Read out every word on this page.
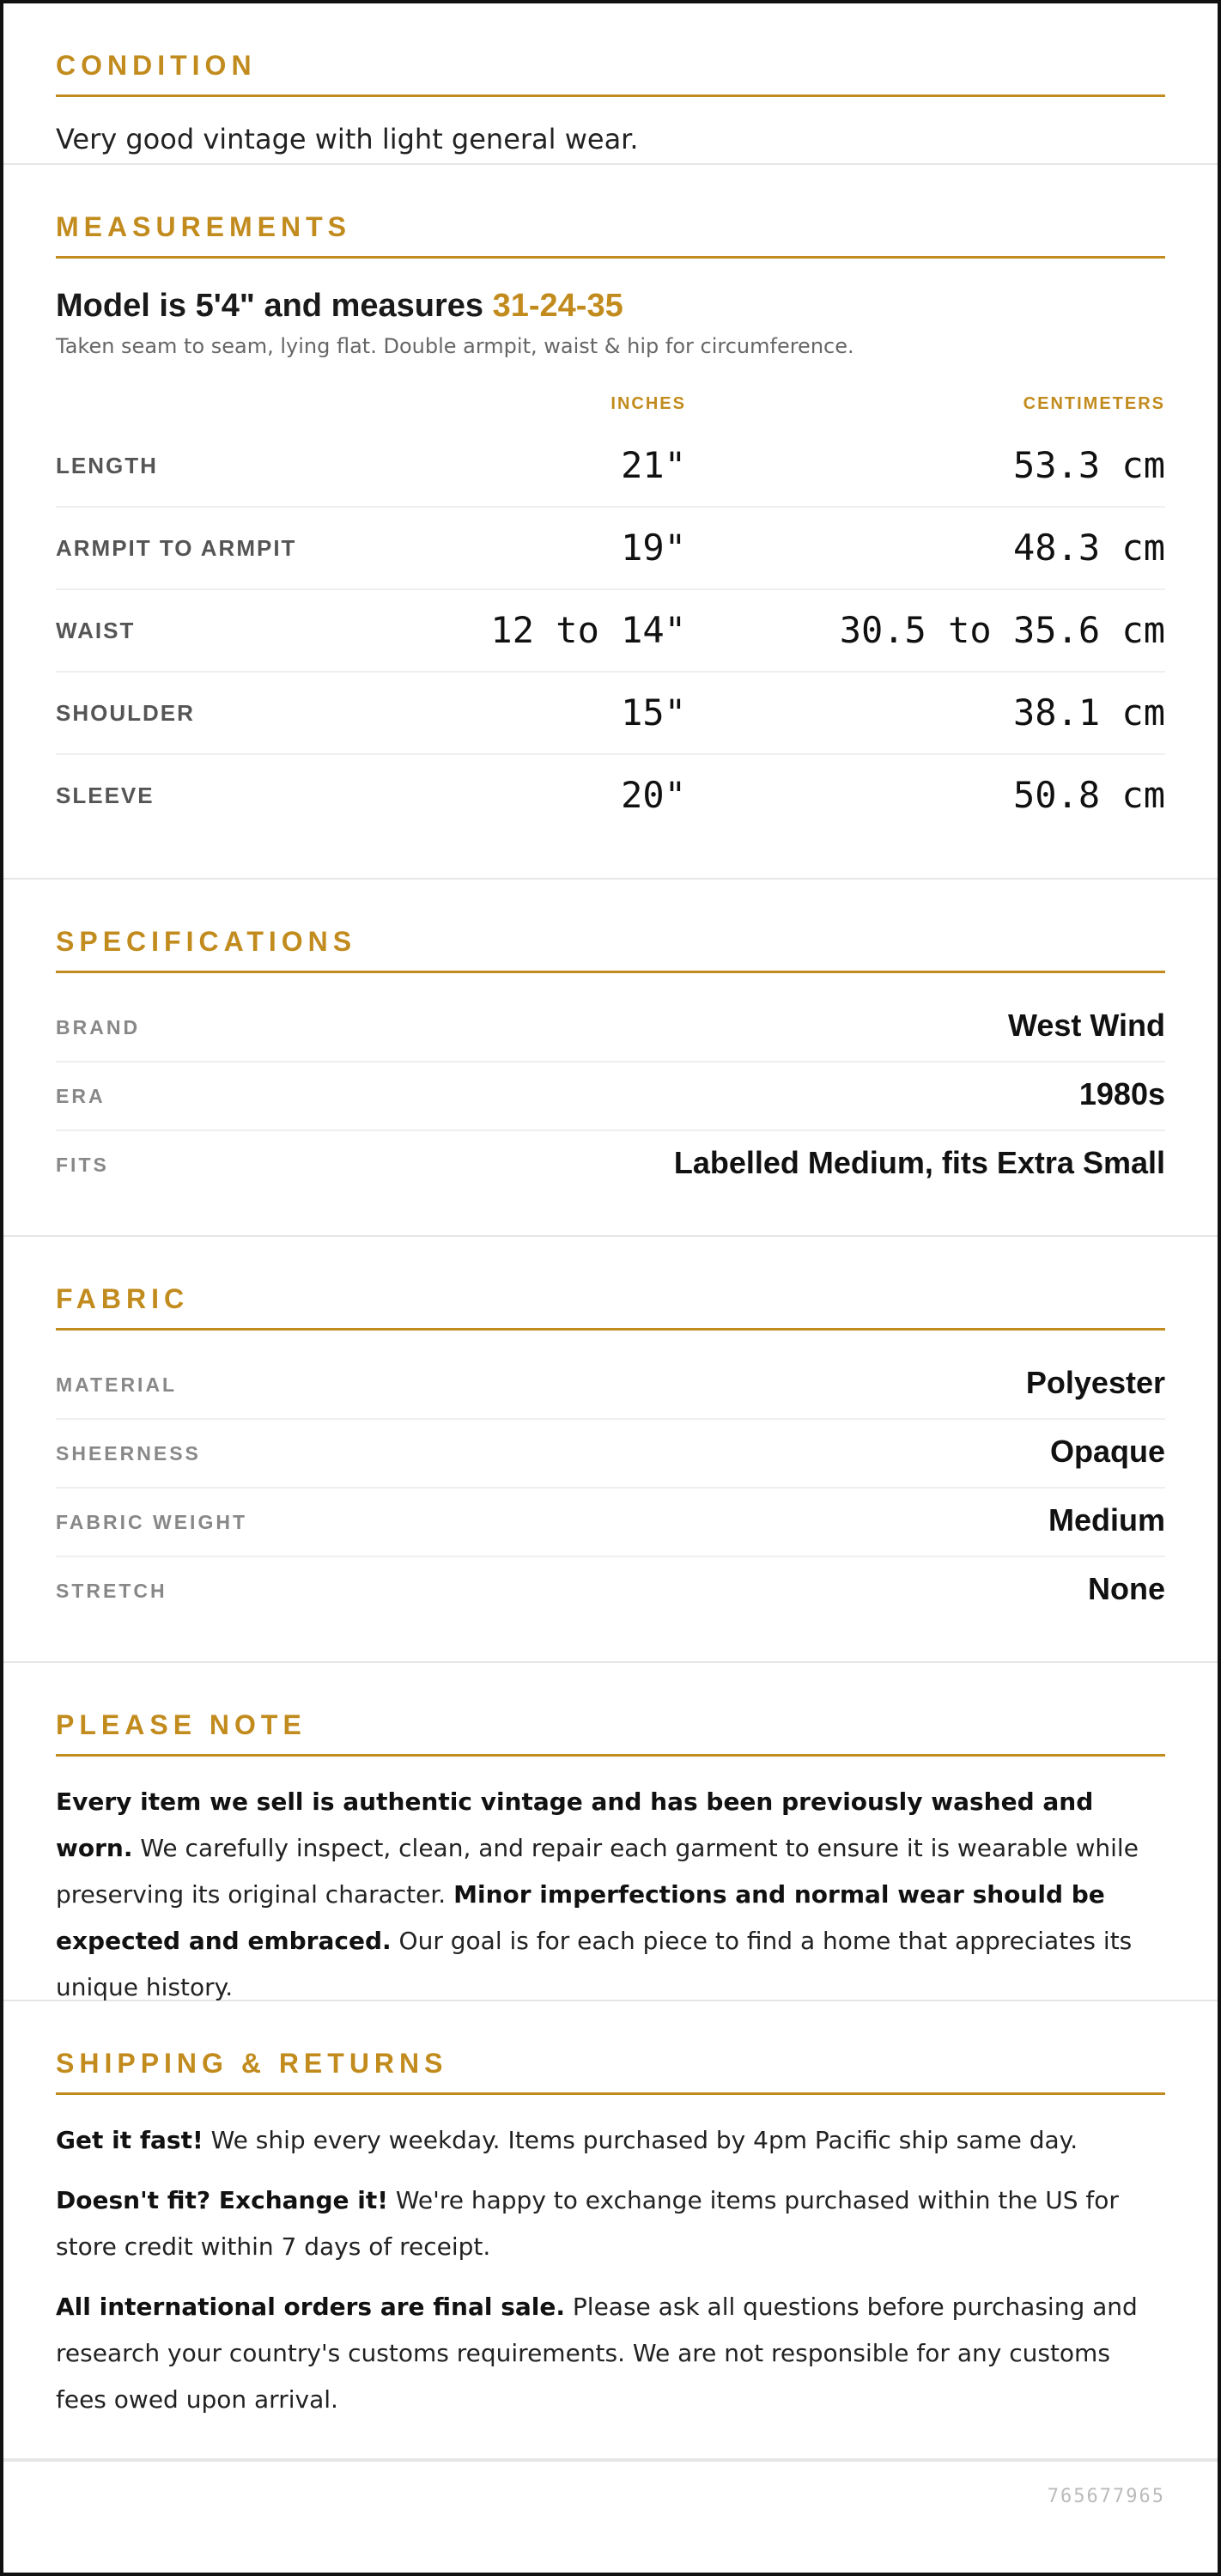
CONDITION
Very good vintage with light general wear.
MEASUREMENTS
Model is 5'4" and measures 31-24-35
Taken seam to seam, lying flat. Double armpit, waist & hip for circumference.
INCHES	CENTIMETERS
LENGTH	21"	53.3 cm
ARMPIT TO ARMPIT	19"	48.3 cm
WAIST	12 to 14"	30.5 to 35.6 cm
SHOULDER	15"	38.1 cm
SLEEVE	20"	50.8 cm
SPECIFICATIONS
BRAND	West Wind
ERA	1980s
FITS	Labelled Medium, fits Extra Small
FABRIC
MATERIAL	Polyester
SHEERNESS	Opaque
FABRIC WEIGHT	Medium
STRETCH	None
PLEASE NOTE

Every item we sell is authentic vintage and has been previously washed and worn. We carefully inspect, clean, and repair each garment to ensure it is wearable while preserving its original character. Minor imperfections and normal wear should be expected and embraced. Our goal is for each piece to find a home that appreciates its unique history.

SHIPPING & RETURNS

Get it fast! We ship every weekday. Items purchased by 4pm Pacific ship same day.

Doesn't fit? Exchange it! We're happy to exchange items purchased within the US for store credit within 7 days of receipt.

All international orders are final sale. Please ask all questions before purchasing and research your country's customs requirements. We are not responsible for any customs fees owed upon arrival.

765677965
